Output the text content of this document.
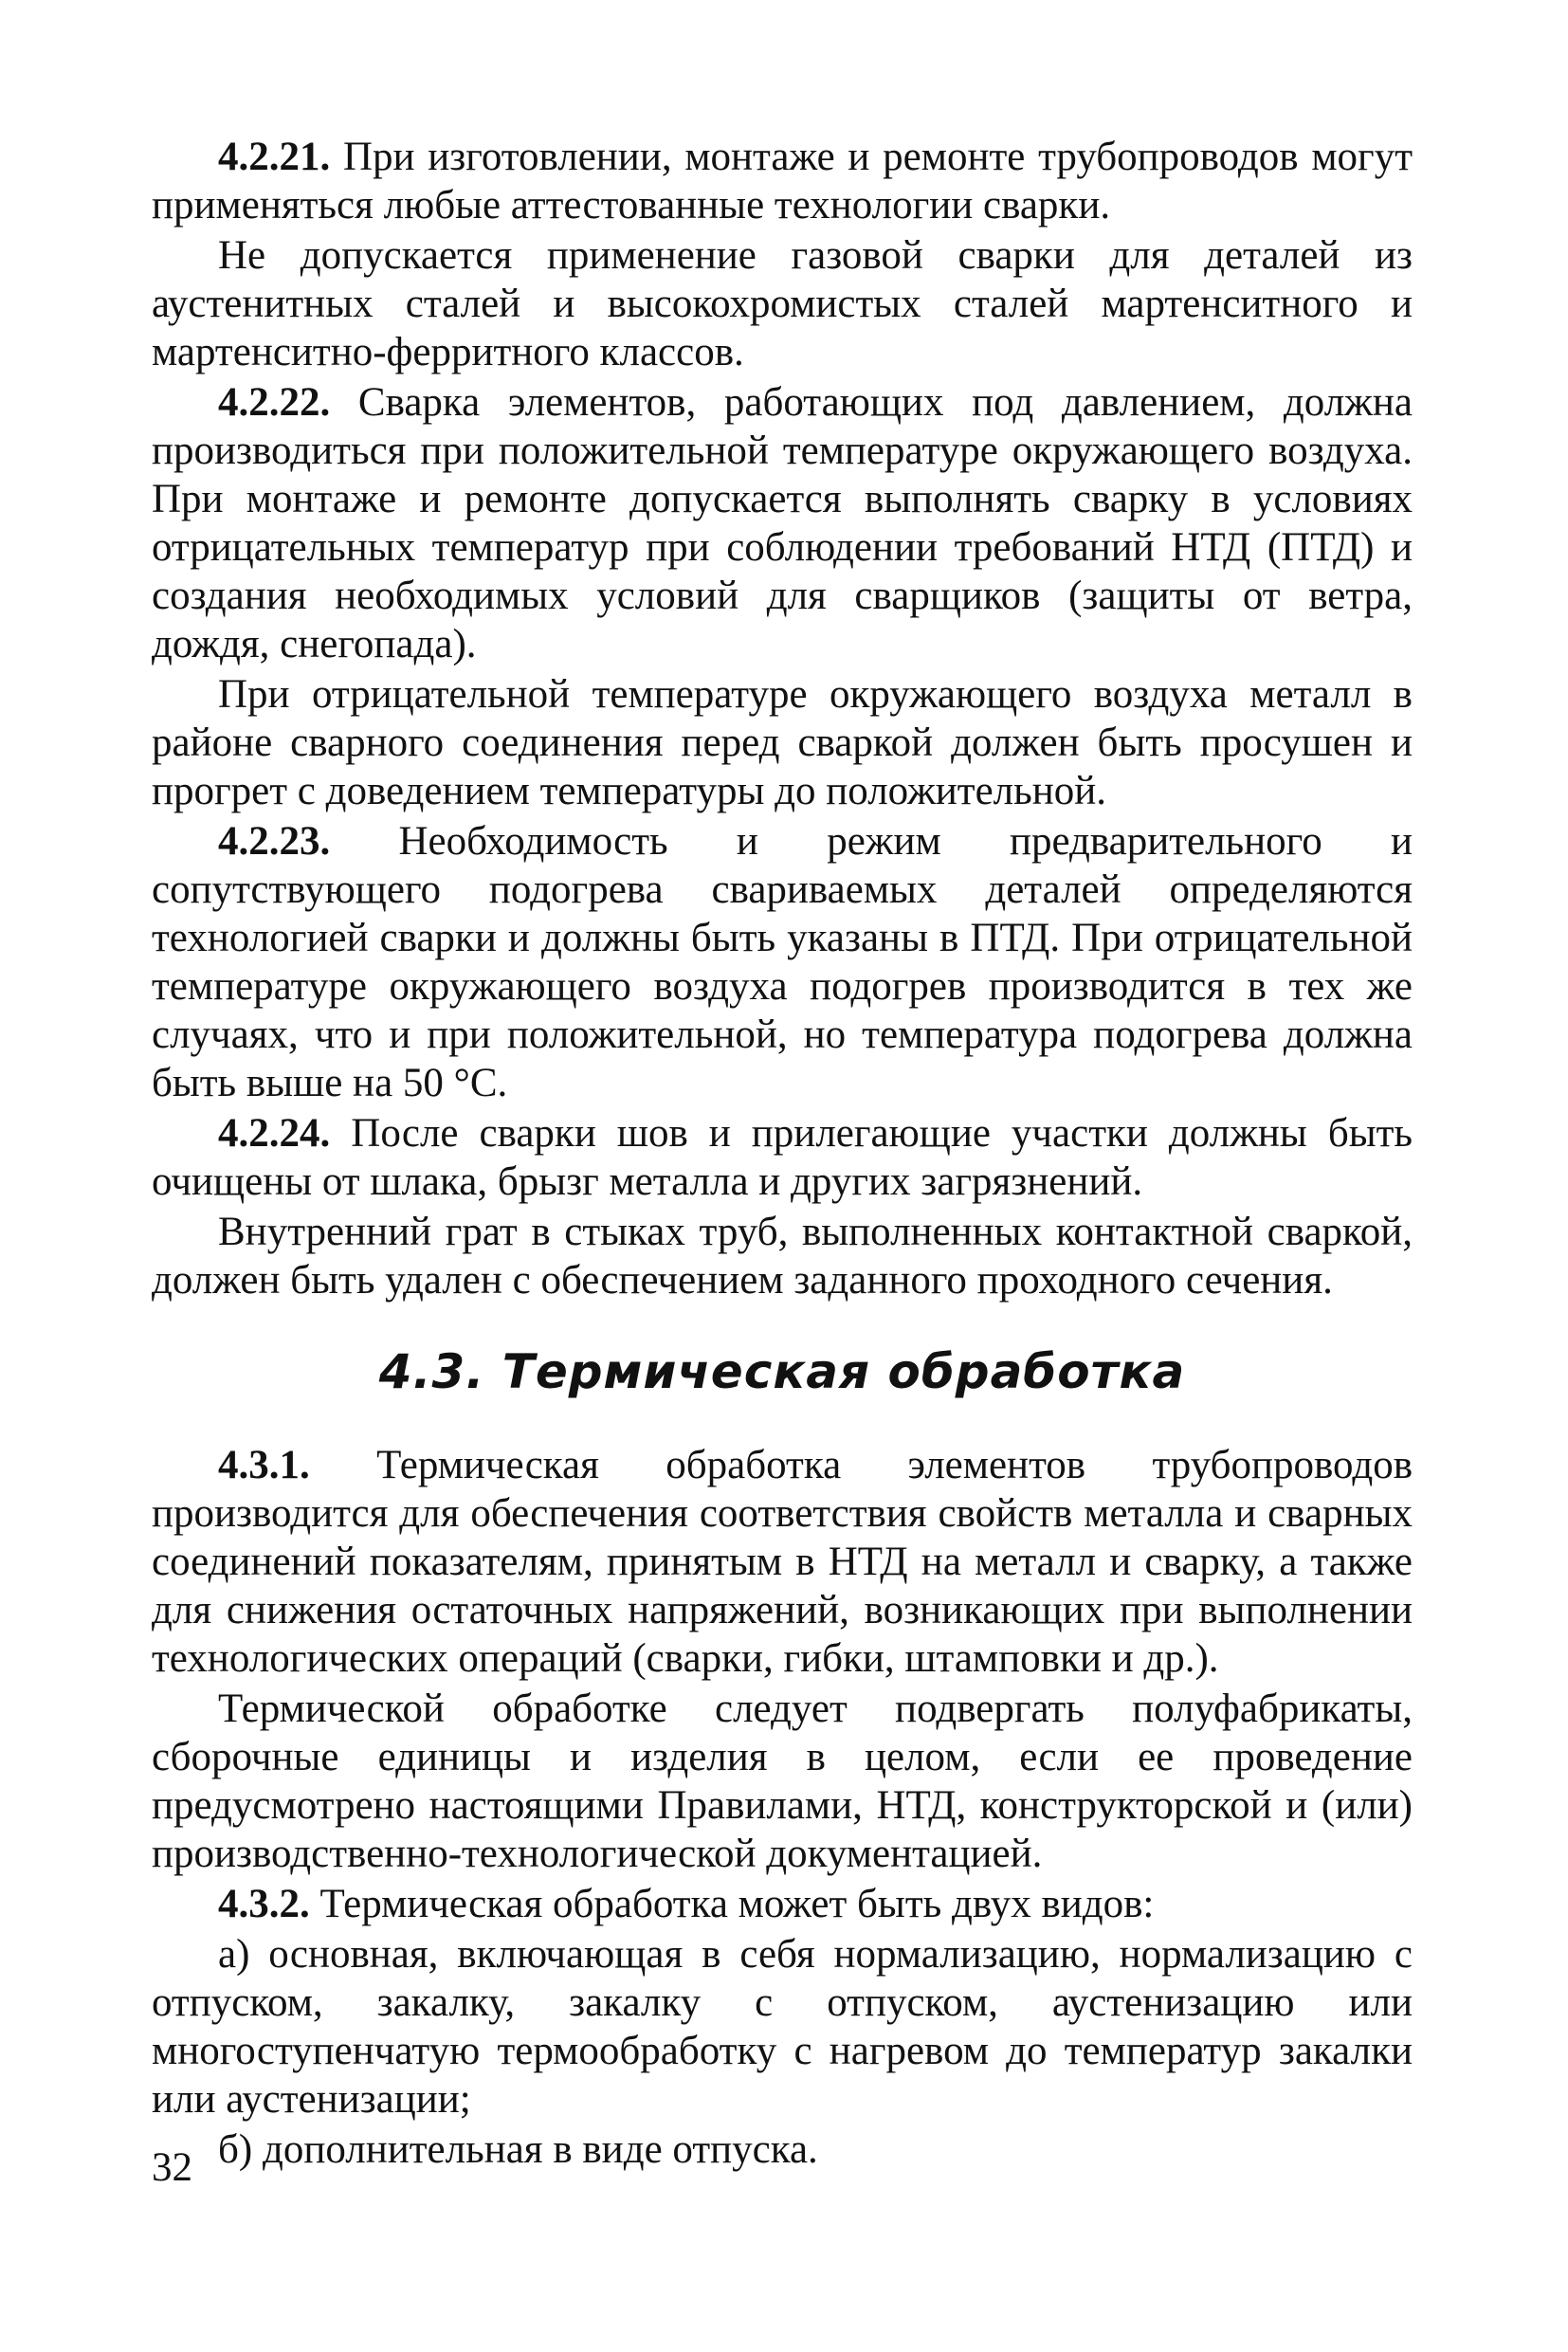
4.2.21. При изготовлении, монтаже и ремонте трубопроводов могут применяться любые аттестованные технологии сварки.

Не допускается применение газовой сварки для деталей из аустенитных сталей и высокохромистых сталей мартенситного и мартенситно-ферритного классов.

4.2.22. Сварка элементов, работающих под давлением, должна производиться при положительной температуре окружающего воздуха. При монтаже и ремонте допускается выполнять сварку в условиях отрицательных температур при соблюдении требований НТД (ПТД) и создания необходимых условий для сварщиков (защиты от ветра, дождя, снегопада).

При отрицательной температуре окружающего воздуха металл в районе сварного соединения перед сваркой должен быть просушен и прогрет с доведением температуры до положительной.

4.2.23. Необходимость и режим предварительного и сопутствующего подогрева свариваемых деталей определяются технологией сварки и должны быть указаны в ПТД. При отрицательной температуре окружающего воздуха подогрев производится в тех же случаях, что и при положительной, но температура подогрева должна быть выше на 50 °С.

4.2.24. После сварки шов и прилегающие участки должны быть очищены от шлака, брызг металла и других загрязнений.

Внутренний грат в стыках труб, выполненных контактной сваркой, должен быть удален с обеспечением заданного проходного сечения.

4.3. Термическая обработка

4.3.1. Термическая обработка элементов трубопроводов производится для обеспечения соответствия свойств металла и сварных соединений показателям, принятым в НТД на металл и сварку, а также для снижения остаточных напряжений, возникающих при выполнении технологических операций (сварки, гибки, штамповки и др.).

Термической обработке следует подвергать полуфабрикаты, сборочные единицы и изделия в целом, если ее проведение предусмотрено настоящими Правилами, НТД, конструкторской и (или) производственно-технологической документацией.

4.3.2. Термическая обработка может быть двух видов:

а) основная, включающая в себя нормализацию, нормализацию с отпуском, закалку, закалку с отпуском, аустенизацию или многоступенчатую термообработку с нагревом до температур закалки или аустенизации;

б) дополнительная в виде отпуска.

32
